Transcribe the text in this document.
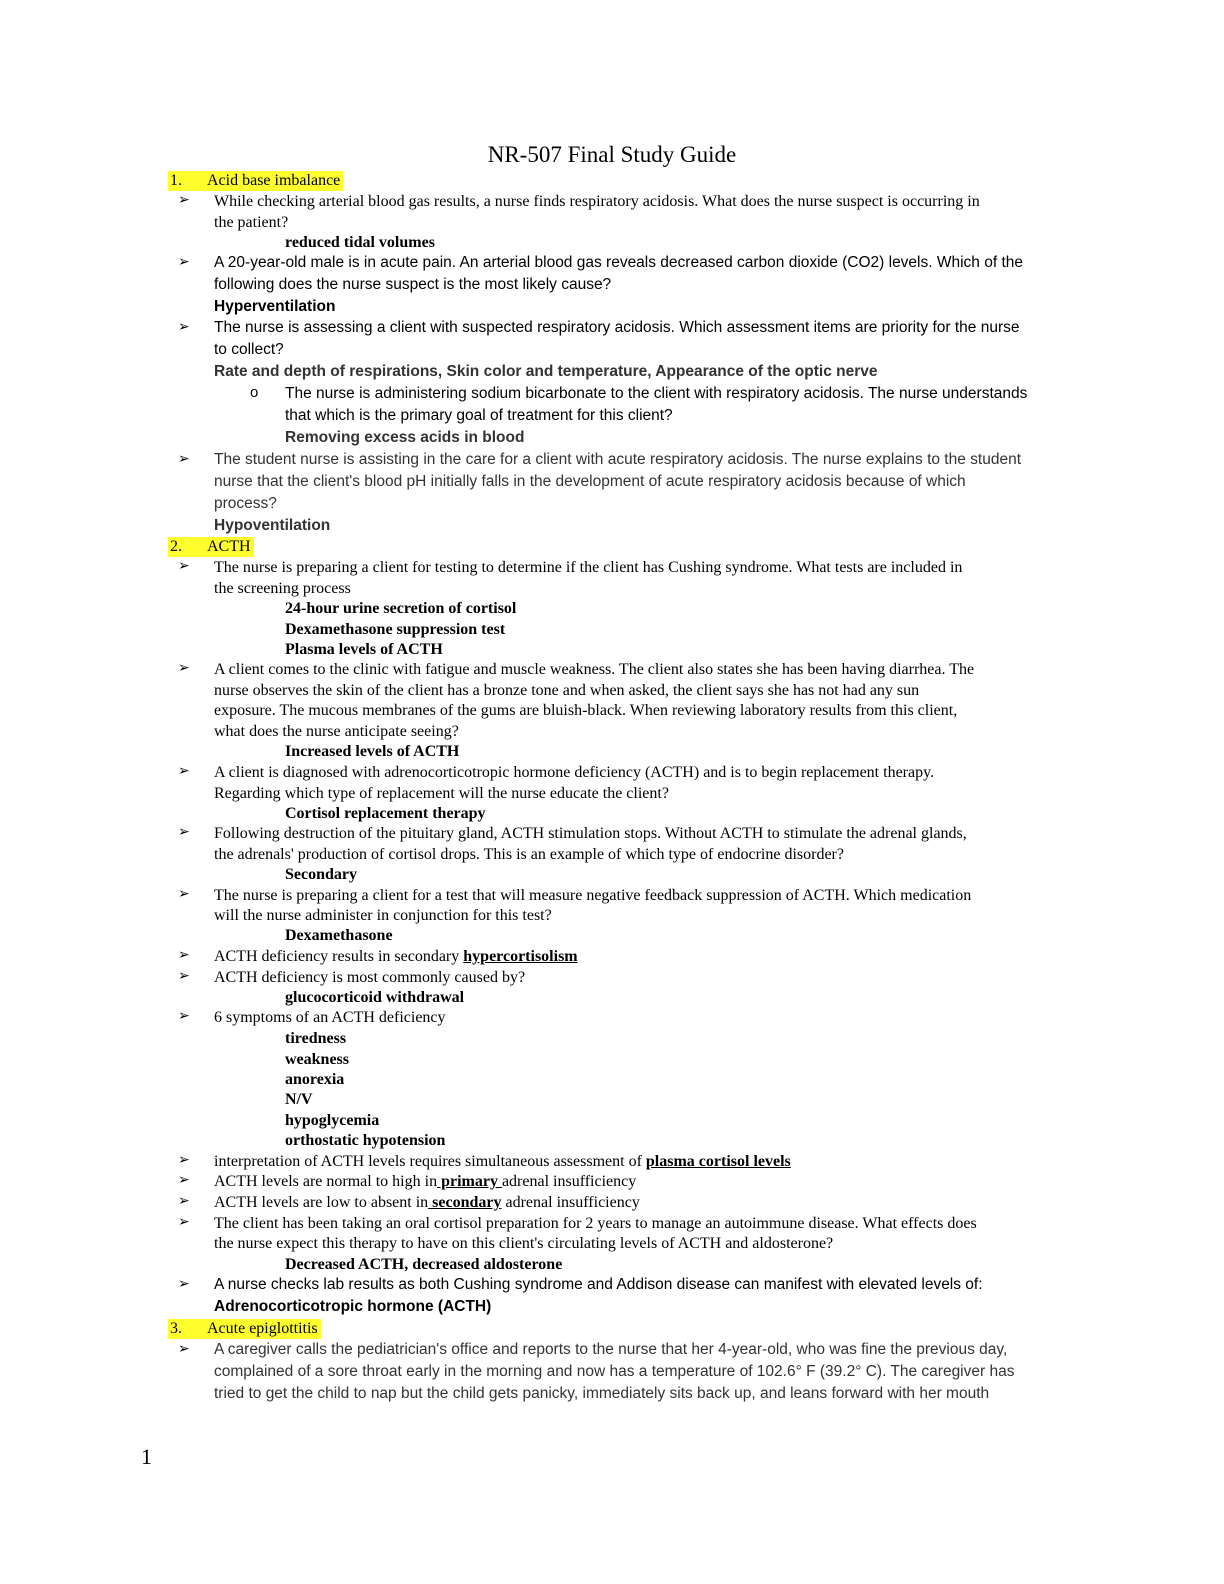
NR-507 Final Study Guide
1. Acid base imbalance
➢ While checking arterial blood gas results, a nurse finds respiratory acidosis. What does the nurse suspect is occurring in
the patient?
reduced tidal volumes
➢ A 20-year-old male is in acute pain. An arterial blood gas reveals decreased carbon dioxide (CO2) levels. Which of the
following does the nurse suspect is the most likely cause?
Hyperventilation
➢ The nurse is assessing a client with suspected respiratory acidosis. Which assessment items are priority for the nurse
to collect?
Rate and depth of respirations, Skin color and temperature, Appearance of the optic nerve
o The nurse is administering sodium bicarbonate to the client with respiratory acidosis. The nurse understands
that which is the primary goal of treatment for this client?
Removing excess acids in blood
➢ The student nurse is assisting in the care for a client with acute respiratory acidosis. The nurse explains to the student
nurse that the client's blood pH initially falls in the development of acute respiratory acidosis because of which
process?
Hypoventilation
2. ACTH
➢ The nurse is preparing a client for testing to determine if the client has Cushing syndrome. What tests are included in
the screening process
24-hour urine secretion of cortisol
Dexamethasone suppression test
Plasma levels of ACTH
➢ A client comes to the clinic with fatigue and muscle weakness. The client also states she has been having diarrhea. The
nurse observes the skin of the client has a bronze tone and when asked, the client says she has not had any sun
exposure. The mucous membranes of the gums are bluish-black. When reviewing laboratory results from this client,
what does the nurse anticipate seeing?
Increased levels of ACTH
➢ A client is diagnosed with adrenocorticotropic hormone deficiency (ACTH) and is to begin replacement therapy.
Regarding which type of replacement will the nurse educate the client?
Cortisol replacement therapy
➢ Following destruction of the pituitary gland, ACTH stimulation stops. Without ACTH to stimulate the adrenal glands,
the adrenals' production of cortisol drops. This is an example of which type of endocrine disorder?
Secondary
➢ The nurse is preparing a client for a test that will measure negative feedback suppression of ACTH. Which medication
will the nurse administer in conjunction for this test?
Dexamethasone
➢ ACTH deficiency results in secondary hypercortisolism
➢ ACTH deficiency is most commonly caused by?
glucocorticoid withdrawal
➢ 6 symptoms of an ACTH deficiency
tiredness
weakness
anorexia
N/V
hypoglycemia
orthostatic hypotension
➢ interpretation of ACTH levels requires simultaneous assessment of plasma cortisol levels
➢ ACTH levels are normal to high in primary adrenal insufficiency
➢ ACTH levels are low to absent in secondary adrenal insufficiency
➢ The client has been taking an oral cortisol preparation for 2 years to manage an autoimmune disease. What effects does
the nurse expect this therapy to have on this client's circulating levels of ACTH and aldosterone?
Decreased ACTH, decreased aldosterone
➢ A nurse checks lab results as both Cushing syndrome and Addison disease can manifest with elevated levels of:
Adrenocorticotropic hormone (ACTH)
3. Acute epiglottitis
➢ A caregiver calls the pediatrician's office and reports to the nurse that her 4-year-old, who was fine the previous day,
complained of a sore throat early in the morning and now has a temperature of 102.6° F (39.2° C). The caregiver has
tried to get the child to nap but the child gets panicky, immediately sits back up, and leans forward with her mouth
1
